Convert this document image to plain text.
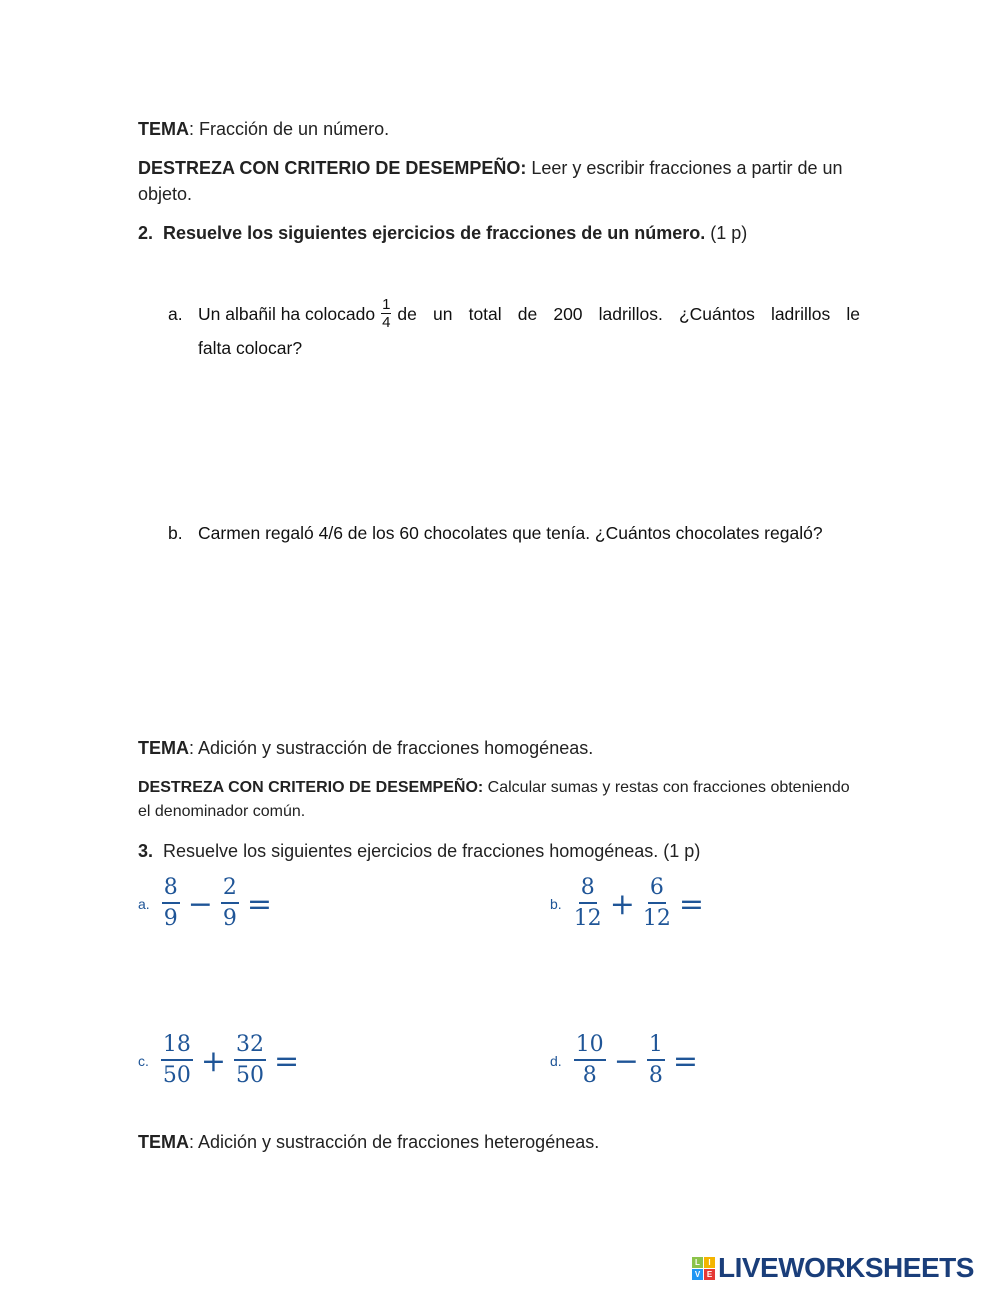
TEMA: Fracción de un número.
DESTREZA CON CRITERIO DE DESEMPEÑO: Leer y escribir fracciones a partir de un objeto.
2. Resuelve los siguientes ejercicios de fracciones de un número. (1 p)
a. Un albañil ha colocado $\frac{1}{4}$ de un total de 200 ladrillos. ¿Cuántos ladrillos le
falta colocar?
b. Carmen regaló 4/6 de los 60 chocolates que tenía. ¿Cuántos chocolates regaló?
TEMA: Adición y sustracción de fracciones homogéneas.
DESTREZA CON CRITERIO DE DESEMPEÑO: Calcular sumas y restas con fracciones obteniendo el denominador común.
3. Resuelve los siguientes ejercicios de fracciones homogéneas. (1 p)
a. $\frac{8}{9} - \frac{2}{9}$ =	b. $\frac{8}{12} + \frac{6}{12}$ =
c. $\frac{18}{50} + \frac{32}{50}$ =	d. $\frac{10}{8} - \frac{1}{8}$ =
TEMA: Adición y sustracción de fracciones heterogéneas.
L	I
V E LIVEWORKSHEETS
